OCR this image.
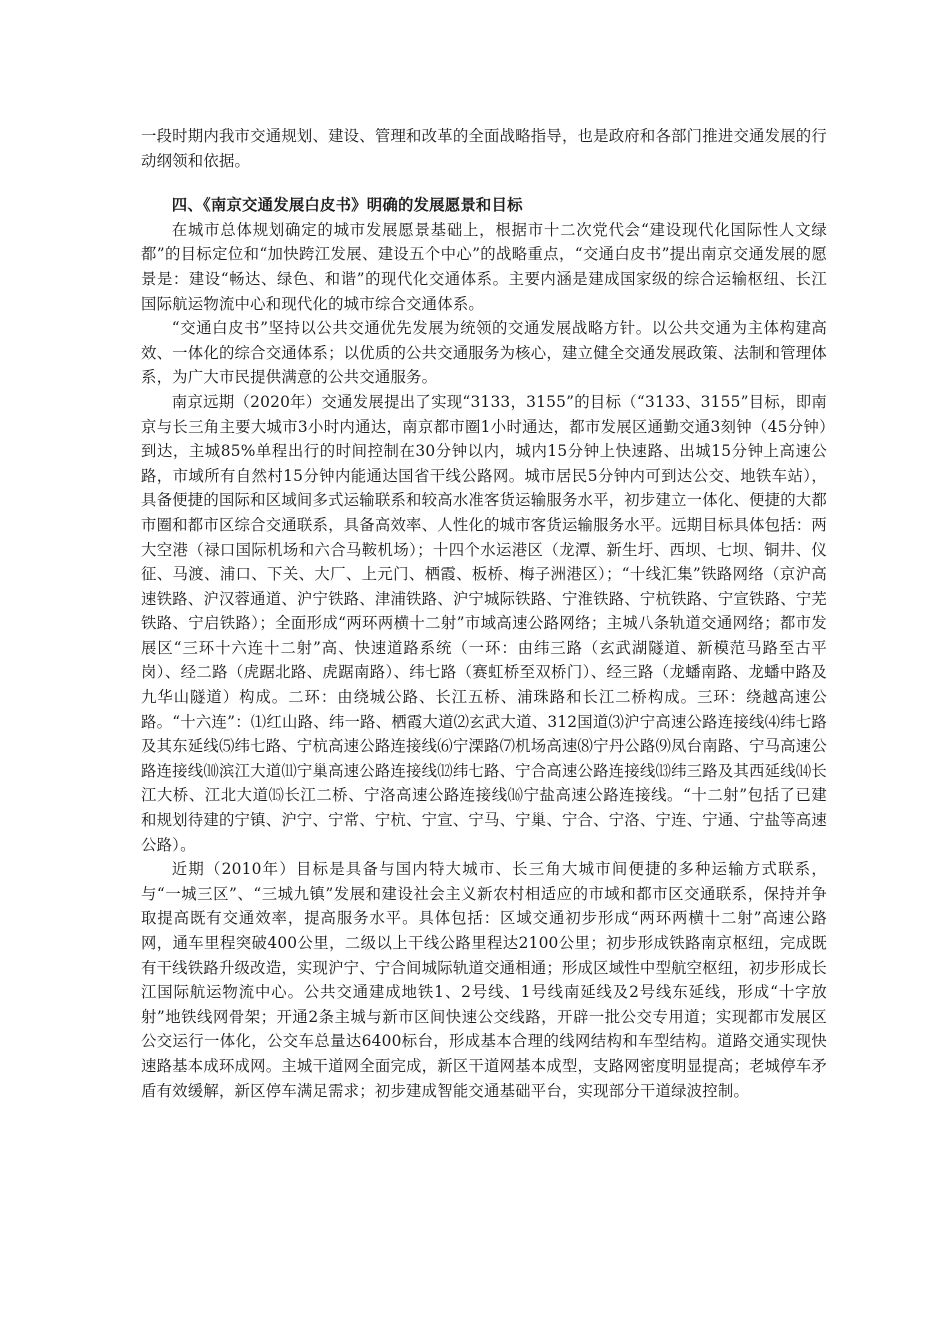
一段时期内我市交通规划、建设、管理和改革的全面战略指导，也是政府和各部门推进交通发展的行动纲领和依据。

四、《南京交通发展白皮书》明确的发展愿景和目标

在城市总体规划确定的城市发展愿景基础上，根据市十二次党代会“建设现代化国际性人文绿都”的目标定位和“加快跨江发展、建设五个中心”的战略重点，“交通白皮书”提出南京交通发展的愿景是：建设“畅达、绿色、和谐”的现代化交通体系。主要内涵是建成国家级的综合运输枢纽、长江国际航运物流中心和现代化的城市综合交通体系。

“交通白皮书”坚持以公共交通优先发展为统领的交通发展战略方针。以公共交通为主体构建高效、一体化的综合交通体系；以优质的公共交通服务为核心，建立健全交通发展政策、法制和管理体系，为广大市民提供满意的公共交通服务。

南京远期（2020年）交通发展提出了实现“3133，3155”的目标（“3133、3155”目标，即南京与长三角主要大城市3小时内通达，南京都市圈1小时通达，都市发展区通勤交通3刻钟（45分钟）到达，主城85%单程出行的时间控制在30分钟以内，城内15分钟上快速路、出城15分钟上高速公路，市域所有自然村15分钟内能通达国省干线公路网。城市居民5分钟内可到达公交、地铁车站），具备便捷的国际和区域间多式运输联系和较高水准客货运输服务水平，初步建立一体化、便捷的大都市圈和都市区综合交通联系，具备高效率、人性化的城市客货运输服务水平。远期目标具体包括：两大空港（禄口国际机场和六合马鞍机场）；十四个水运港区（龙潭、新生圩、西坝、七坝、铜井、仪征、马渡、浦口、下关、大厂、上元门、栖霞、板桥、梅子洲港区）；“十线汇集”铁路网络（京沪高速铁路、沪汉蓉通道、沪宁铁路、津浦铁路、沪宁城际铁路、宁淮铁路、宁杭铁路、宁宣铁路、宁芜铁路、宁启铁路）；全面形成“两环两横十二射”市域高速公路网络；主城八条轨道交通网络；都市发展区“三环十六连十二射”高、快速道路系统（一环：由纬三路（玄武湖隧道、新模范马路至古平岗）、经二路（虎踞北路、虎踞南路）、纬七路（赛虹桥至双桥门）、经三路（龙蟠南路、龙蟠中路及九华山隧道）构成。二环：由绕城公路、长江五桥、浦珠路和长江二桥构成。三环：绕越高速公路。“十六连”：⑴红山路、纬一路、栖霞大道⑵玄武大道、312国道⑶沪宁高速公路连接线⑷纬七路及其东延线⑸纬七路、宁杭高速公路连接线⑹宁溧路⑺机场高速⑻宁丹公路⑼凤台南路、宁马高速公路连接线⑽滨江大道⑾宁巢高速公路连接线⑿纬七路、宁合高速公路连接线⒀纬三路及其西延线⒁长江大桥、江北大道⒂长江二桥、宁洛高速公路连接线⒃宁盐高速公路连接线。“十二射”包括了已建和规划待建的宁镇、沪宁、宁常、宁杭、宁宣、宁马、宁巢、宁合、宁洛、宁连、宁通、宁盐等高速公路）。

近期（2010年）目标是具备与国内特大城市、长三角大城市间便捷的多种运输方式联系，与“一城三区”、“三城九镇”发展和建设社会主义新农村相适应的市域和都市区交通联系，保持并争取提高既有交通效率，提高服务水平。具体包括：区域交通初步形成“两环两横十二射”高速公路网，通车里程突破400公里，二级以上干线公路里程达2100公里；初步形成铁路南京枢纽，完成既有干线铁路升级改造，实现沪宁、宁合间城际轨道交通相通；形成区域性中型航空枢纽，初步形成长江国际航运物流中心。公共交通建成地铁1、2号线、1号线南延线及2号线东延线，形成“十字放射”地铁线网骨架；开通2条主城与新市区间快速公交线路，开辟一批公交专用道；实现都市发展区公交运行一体化，公交车总量达6400标台，形成基本合理的线网结构和车型结构。道路交通实现快速路基本成环成网。主城干道网全面完成，新区干道网基本成型，支路网密度明显提高；老城停车矛盾有效缓解，新区停车满足需求；初步建成智能交通基础平台，实现部分干道绿波控制。
